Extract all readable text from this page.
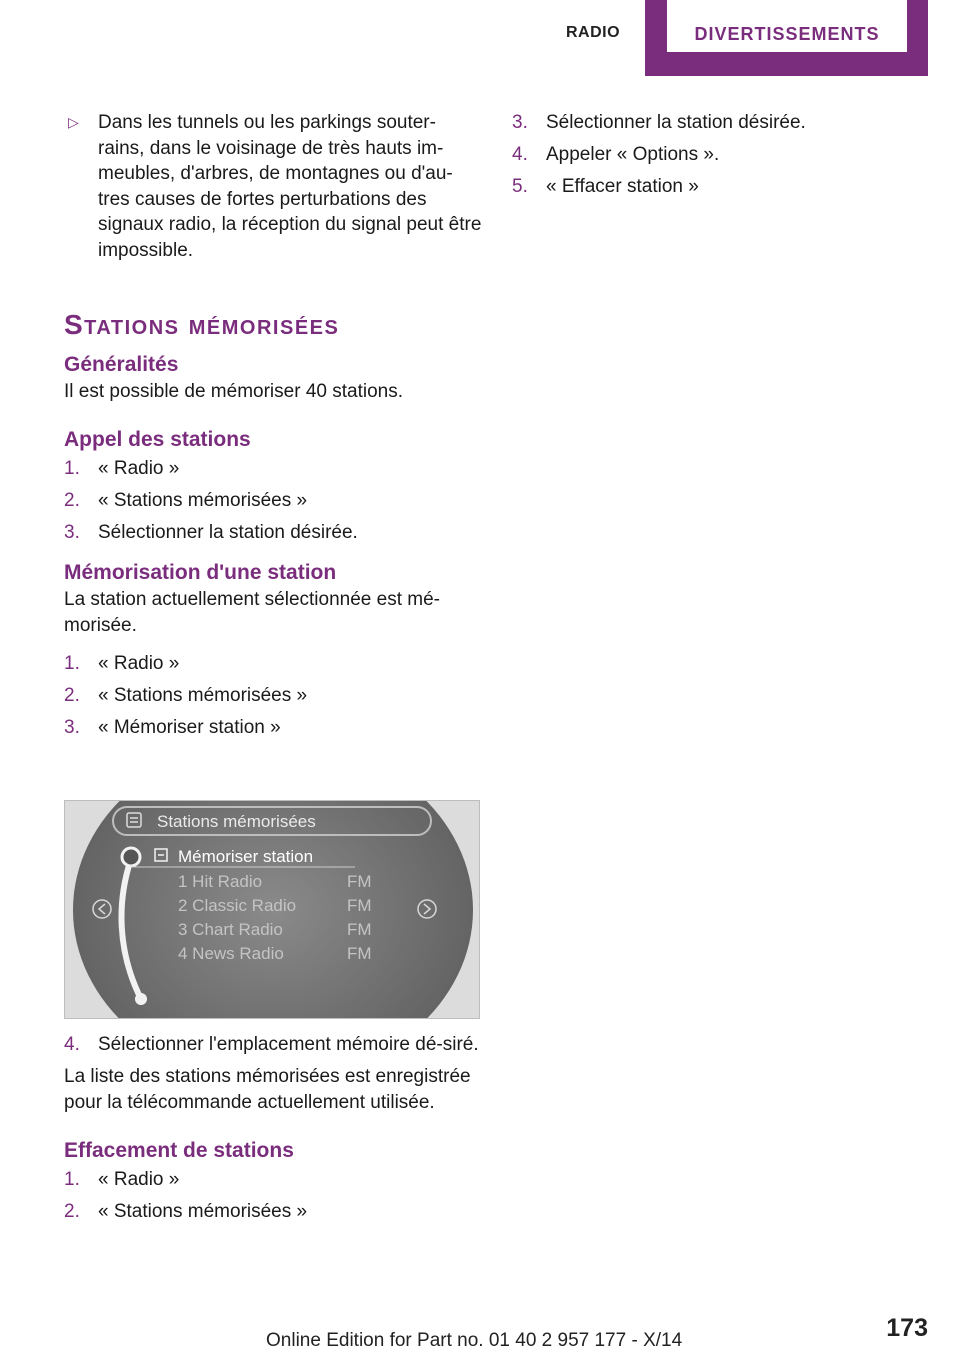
RADIO	DIVERTISSEMENTS

▷ Dans les tunnels ou les parkings souter-rains, dans le voisinage de très hauts im-meubles, d'arbres, de montagnes ou d'au-tres causes de fortes perturbations des signaux radio, la réception du signal peut être impossible.

Stations mémorisées
Généralités

Il est possible de mémoriser 40 stations.

Appel des stations
1. « Radio »
2. « Stations mémorisées »
3. Sélectionner la station désirée.
Mémorisation d'une station

La station actuellement sélectionnée est mé-morisée.

1. « Radio »
2. « Stations mémorisées »
3. « Mémoriser station »
Stations mémorisées
Mémoriser station
1 Hit Radio	FM
2 Classic Radio	FM
3 Chart Radio	FM
4 News Radio	FM
4. Sélectionner l'emplacement mémoire dé-siré.

La liste des stations mémorisées est enregistrée pour la télécommande actuellement utilisée.

Effacement de stations
1. « Radio »
2. « Stations mémorisées »
3. Sélectionner la station désirée.
4. Appeler « Options ».
5. « Effacer station »
Online Edition for Part no. 01 40 2 957 177 - X/14	173
